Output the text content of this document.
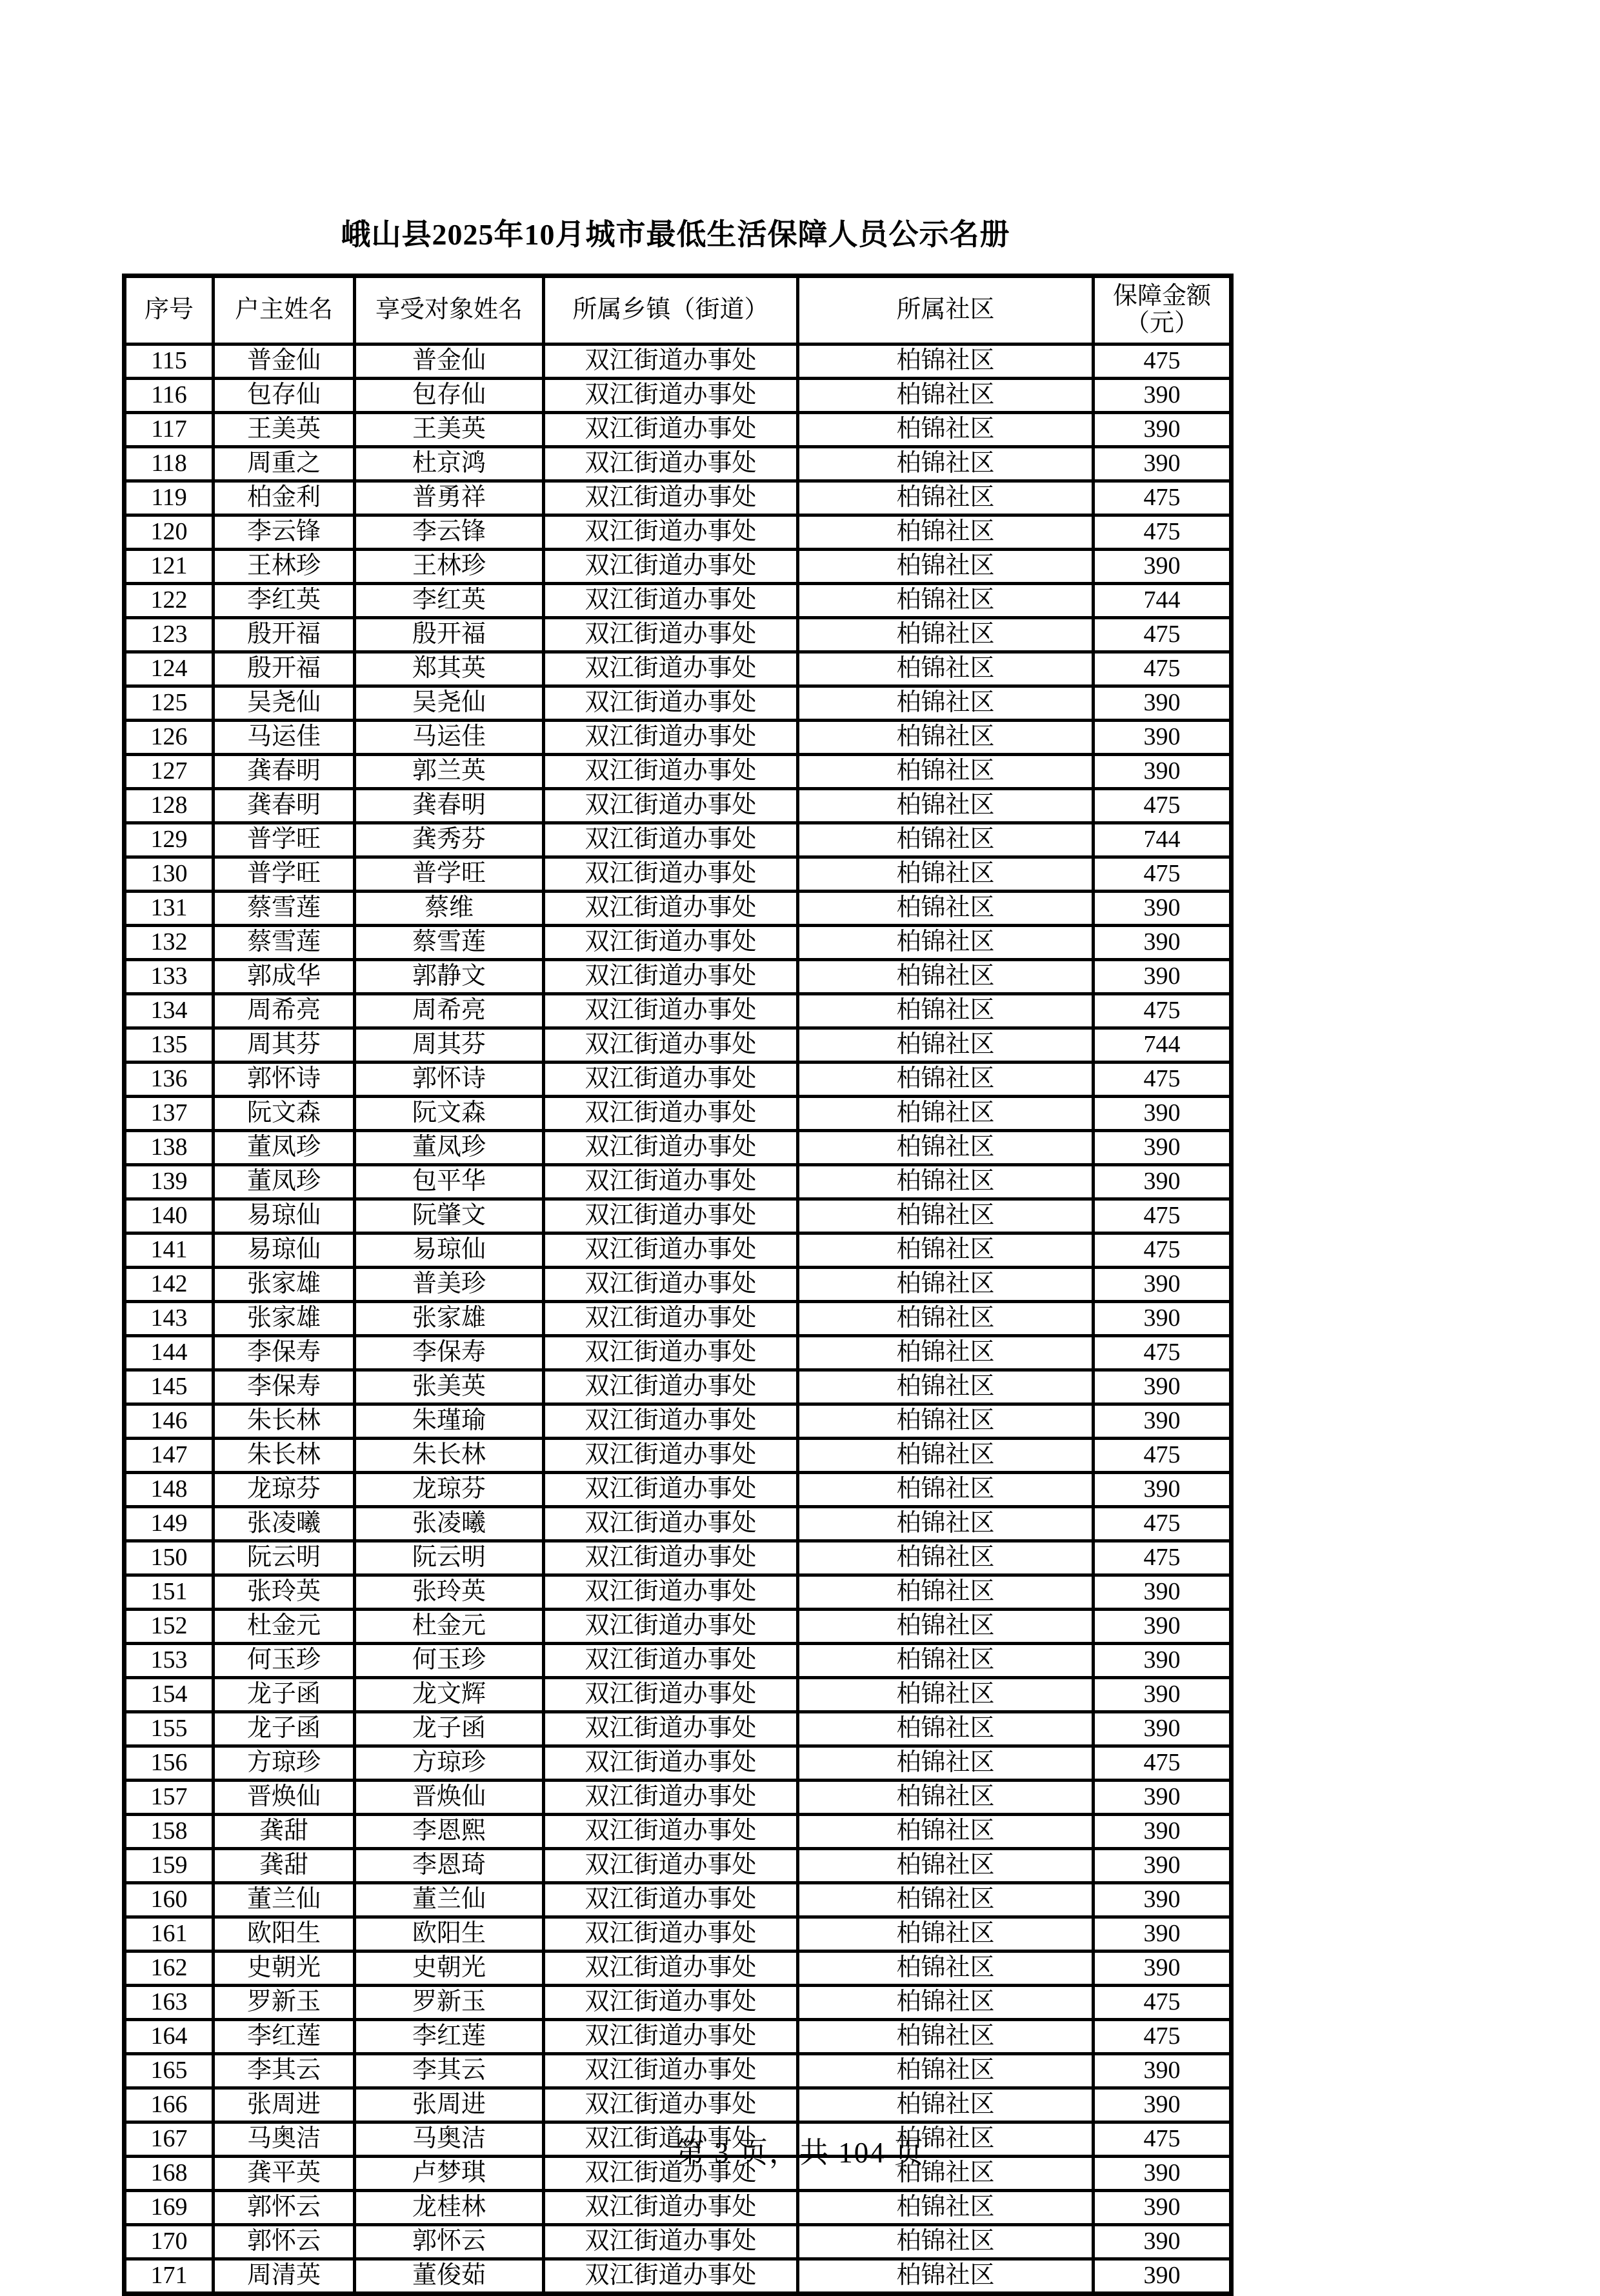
峨山县2025年10月城市最低生活保障人员公示名册
序号	户主姓名	享受对象姓名	所属乡镇（街道）	所属社区	保障金额（元）
115	普金仙	普金仙	双江街道办事处	柏锦社区	475
116	包存仙	包存仙	双江街道办事处	柏锦社区	390
117	王美英	王美英	双江街道办事处	柏锦社区	390
118	周重之	杜京鸿	双江街道办事处	柏锦社区	390
119	柏金利	普勇祥	双江街道办事处	柏锦社区	475
120	李云锋	李云锋	双江街道办事处	柏锦社区	475
121	王林珍	王林珍	双江街道办事处	柏锦社区	390
122	李红英	李红英	双江街道办事处	柏锦社区	744
123	殷开福	殷开福	双江街道办事处	柏锦社区	475
124	殷开福	郑其英	双江街道办事处	柏锦社区	475
125	吴尧仙	吴尧仙	双江街道办事处	柏锦社区	390
126	马运佳	马运佳	双江街道办事处	柏锦社区	390
127	龚春明	郭兰英	双江街道办事处	柏锦社区	390
128	龚春明	龚春明	双江街道办事处	柏锦社区	475
129	普学旺	龚秀芬	双江街道办事处	柏锦社区	744
130	普学旺	普学旺	双江街道办事处	柏锦社区	475
131	蔡雪莲	蔡维	双江街道办事处	柏锦社区	390
132	蔡雪莲	蔡雪莲	双江街道办事处	柏锦社区	390
133	郭成华	郭静文	双江街道办事处	柏锦社区	390
134	周希亮	周希亮	双江街道办事处	柏锦社区	475
135	周其芬	周其芬	双江街道办事处	柏锦社区	744
136	郭怀诗	郭怀诗	双江街道办事处	柏锦社区	475
137	阮文森	阮文森	双江街道办事处	柏锦社区	390
138	董凤珍	董凤珍	双江街道办事处	柏锦社区	390
139	董凤珍	包平华	双江街道办事处	柏锦社区	390
140	易琼仙	阮肇文	双江街道办事处	柏锦社区	475
141	易琼仙	易琼仙	双江街道办事处	柏锦社区	475
142	张家雄	普美珍	双江街道办事处	柏锦社区	390
143	张家雄	张家雄	双江街道办事处	柏锦社区	390
144	李保寿	李保寿	双江街道办事处	柏锦社区	475
145	李保寿	张美英	双江街道办事处	柏锦社区	390
146	朱长林	朱瑾瑜	双江街道办事处	柏锦社区	390
147	朱长林	朱长林	双江街道办事处	柏锦社区	475
148	龙琼芬	龙琼芬	双江街道办事处	柏锦社区	390
149	张凌曦	张凌曦	双江街道办事处	柏锦社区	475
150	阮云明	阮云明	双江街道办事处	柏锦社区	475
151	张玲英	张玲英	双江街道办事处	柏锦社区	390
152	杜金元	杜金元	双江街道办事处	柏锦社区	390
153	何玉珍	何玉珍	双江街道办事处	柏锦社区	390
154	龙子函	龙文辉	双江街道办事处	柏锦社区	390
155	龙子函	龙子函	双江街道办事处	柏锦社区	390
156	方琼珍	方琼珍	双江街道办事处	柏锦社区	475
157	晋焕仙	晋焕仙	双江街道办事处	柏锦社区	390
158	龚甜	李恩熙	双江街道办事处	柏锦社区	390
159	龚甜	李恩琦	双江街道办事处	柏锦社区	390
160	董兰仙	董兰仙	双江街道办事处	柏锦社区	390
161	欧阳生	欧阳生	双江街道办事处	柏锦社区	390
162	史朝光	史朝光	双江街道办事处	柏锦社区	390
163	罗新玉	罗新玉	双江街道办事处	柏锦社区	475
164	李红莲	李红莲	双江街道办事处	柏锦社区	475
165	李其云	李其云	双江街道办事处	柏锦社区	390
166	张周进	张周进	双江街道办事处	柏锦社区	390
167	马奥洁	马奥洁	双江街道办事处	柏锦社区	475
168	龚平英	卢梦琪	双江街道办事处	柏锦社区	390
169	郭怀云	龙桂林	双江街道办事处	柏锦社区	390
170	郭怀云	郭怀云	双江街道办事处	柏锦社区	390
171	周清英	董俊茹	双江街道办事处	柏锦社区	390
第 3 页，共 104 页
